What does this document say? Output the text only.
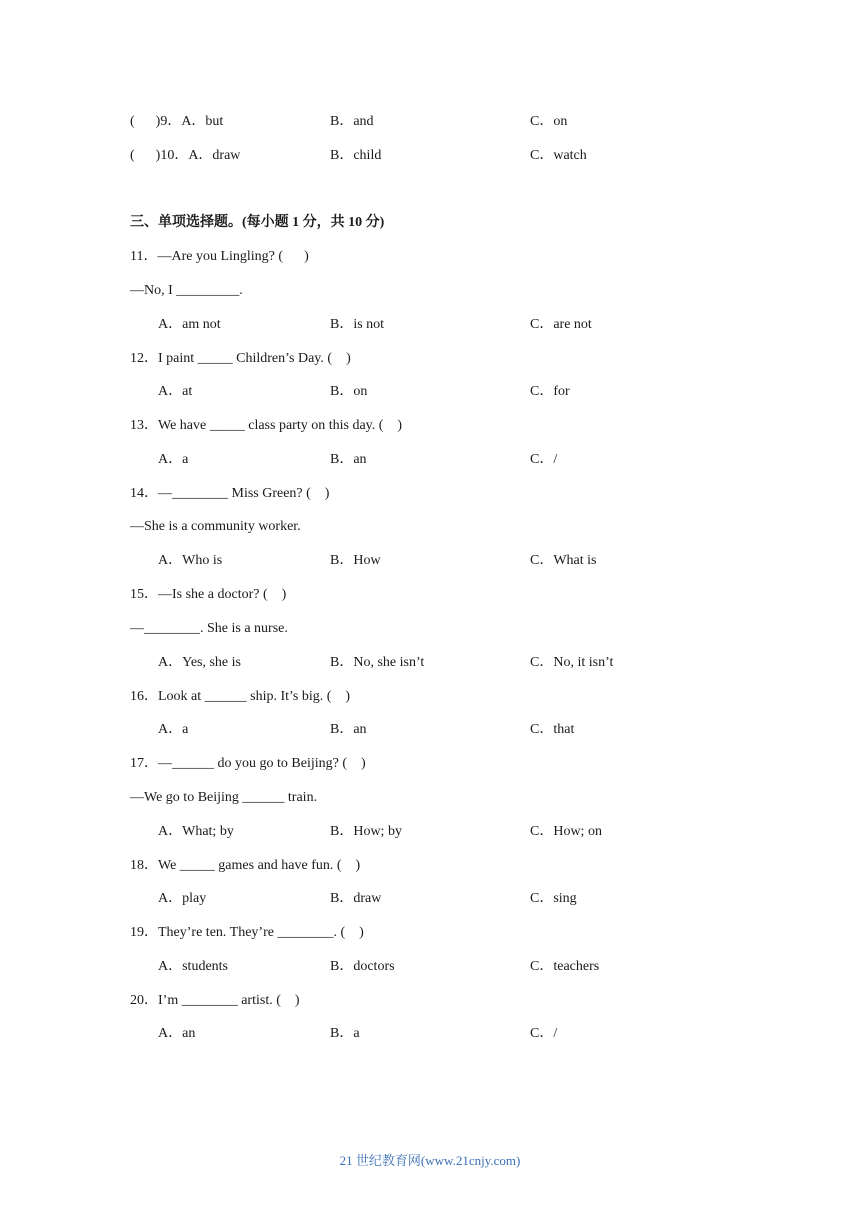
(      )9．A．but

	B．and

	C．on

(      )10．A．draw

	B．child

	C．watch

三、单项选择题。(每小题 1 分，共 10 分)

11．—Are you Lingling? (      )

—No, I _________.

A．am not

	B．is not

	C．are not

12．I paint _____ Children’s Day. (    )

A．at

	B．on

	C．for

13．We have _____ class party on this day. (    )

A．a

	B．an

	C．/

14．—________ Miss Green? (    )

—She is a community worker.

A．Who is

	B．How

	C．What is

15．—Is she a doctor? (    )

—________. She is a nurse.

A．Yes, she is

	B．No, she isn’t

	C．No, it isn’t

16．Look at ______ ship. It’s big. (    )

A．a

	B．an

	C．that

17．—______ do you go to Beijing? (    )

—We go to Beijing ______ train.

A．What; by

	B．How; by

	C．How; on

18．We _____ games and have fun. (    )

A．play

	B．draw

	C．sing

19．They’re ten. They’re ________. (    )

A．students

	B．doctors

	C．teachers

20．I’m ________ artist. (    )

A．an

	B．a

	C．/

21 世纪教育网(www.21cnjy.com)
